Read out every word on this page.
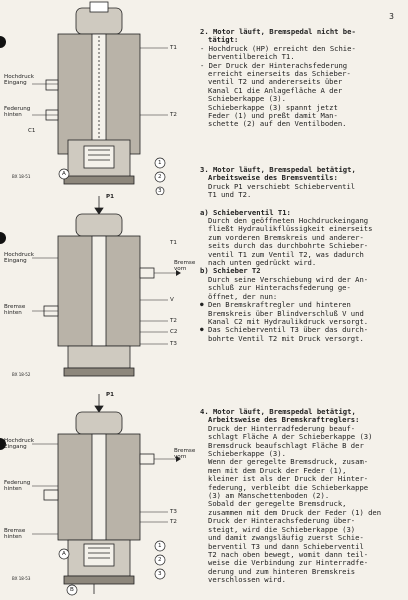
3
Hochdruck
Eingang
Federung
hinten
T1
T2
C1
A
1
2
3
BX 18-51
P1
T1
Hochdruck
Eingang	Bremse
vorn
V
T2
C2
T3
Bremse
hinten
BX 18-52
P1
Hochdruck
Eingang
Bremse
vorn
Federung
hinten
T3
T2
Bremse
hinten
A
1
2
3
B
BX 18-53
2. Motor läuft, Bremspedal nicht be-
tätigt:
- Hochdruck (HP) erreicht den Schie-
berventilbereich T1.
- Der Druck der Hinterachsfederung
erreicht einerseits das Schieber-
ventil T2 und andererseits über
Kanal C1 die Anlagefläche A der
Schieberkappe (3).
Schieberkappe (3) spannt jetzt
Feder (1) und preßt damit Man-
schette (2) auf den Ventilboden.
3. Motor läuft, Bremspedal betätigt,
Arbeitsweise des Bremsventils:
Druck P1 verschiebt Schieberventil
T1 und T2.
a) Schieberventil T1:
Durch den geöffneten Hochdruckeingang
fließt Hydraulikflüssigkeit einerseits
zum vorderen Bremskreis und anderer-
seits durch das durchbohrte Schieber-
ventil T1 zum Ventil T2, was dadurch
nach unten gedrückt wird.
b) Schieber T2
Durch seine Verschiebung wird der An-
schluß zur Hinterachsfederung ge-
öffnet, der nun:
● Den Bremskraftregler und hinteren
Bremskreis über Blindverschluß V und
Kanal C2 mit Hydraulikdruck versorgt.
● Das Schieberventil T3 über das durch-
bohrte Ventil T2 mit Druck versorgt.
4. Motor läuft, Bremspedal betätigt,
Arbeitsweise des Bremskraftreglers:
Druck der Hinterradfederung beauf-
schlagt Fläche A der Schieberkappe (3)
Bremsdruck beaufschlagt Fläche B der
Schieberkappe (3).
Wenn der geregelte Bremsdruck, zusam-
men mit dem Druck der Feder (1),
kleiner ist als der Druck der Hinter-
federung, verbleibt die Schieberkappe
(3) am Manschettenboden (2).
Sobald der geregelte Bremsdruck,
zusammen mit dem Druck der Feder (1) den
Druck der Hinterachsfederung über-
steigt, wird die Schieberkappe (3)
und damit zwangsläufig zuerst Schie-
berventil T3 und dann Schieberventil
T2 nach oben bewegt, womit dann teil-
weise die Verbindung zur Hinterradfe-
derung und zum hinteren Bremskreis
verschlossen wird.
